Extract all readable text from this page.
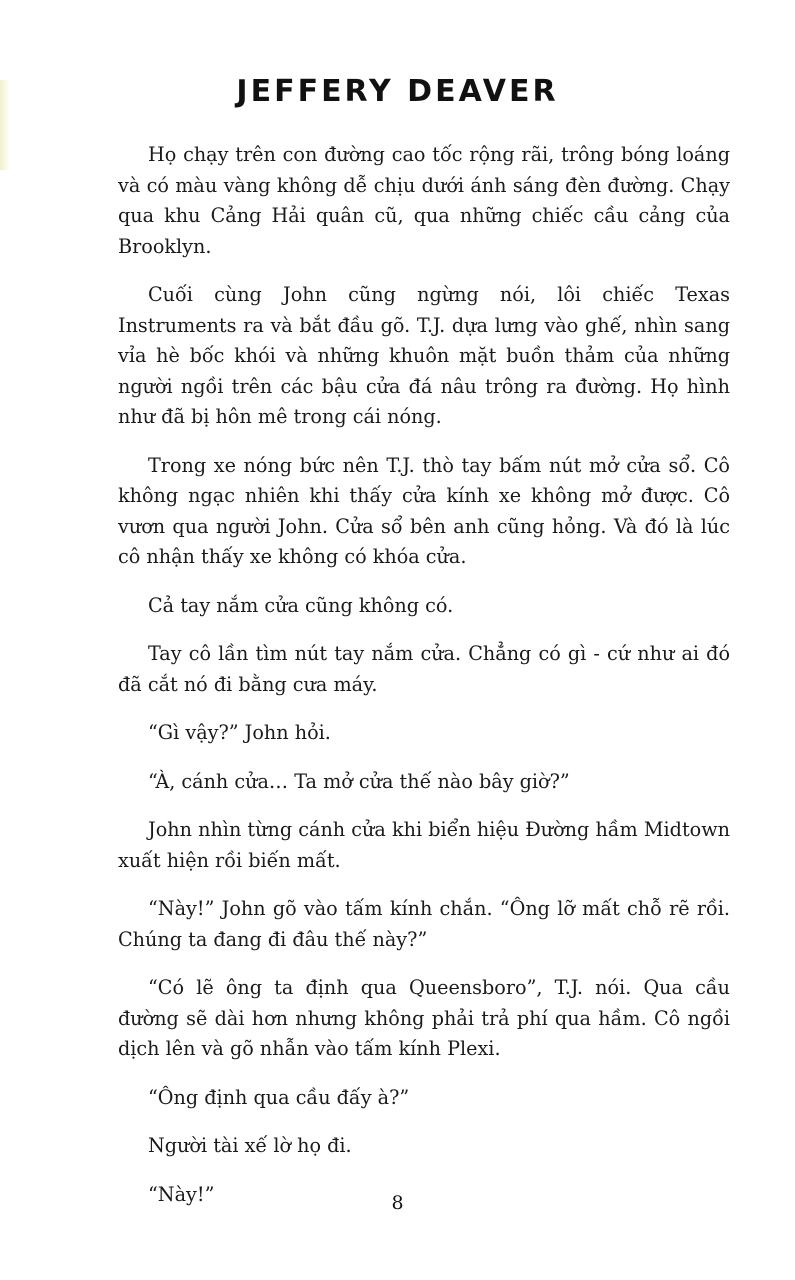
JEFFERY DEAVER

Họ chạy trên con đường cao tốc rộng rãi, trông bóng loáng và có màu vàng không dễ chịu dưới ánh sáng đèn đường. Chạy qua khu Cảng Hải quân cũ, qua những chiếc cầu cảng của Brooklyn.

Cuối cùng John cũng ngừng nói, lôi chiếc Texas Instruments ra và bắt đầu gõ. T.J. dựa lưng vào ghế, nhìn sang vỉa hè bốc khói và những khuôn mặt buồn thảm của những người ngồi trên các bậu cửa đá nâu trông ra đường. Họ hình như đã bị hôn mê trong cái nóng.

Trong xe nóng bức nên T.J. thò tay bấm nút mở cửa sổ. Cô không ngạc nhiên khi thấy cửa kính xe không mở được. Cô vươn qua người John. Cửa sổ bên anh cũng hỏng. Và đó là lúc cô nhận thấy xe không có khóa cửa.

Cả tay nắm cửa cũng không có.

Tay cô lần tìm nút tay nắm cửa. Chẳng có gì - cứ như ai đó đã cắt nó đi bằng cưa máy.

“Gì vậy?” John hỏi.

“À, cánh cửa… Ta mở cửa thế nào bây giờ?”

John nhìn từng cánh cửa khi biển hiệu Đường hầm Midtown xuất hiện rồi biến mất.

“Này!” John gõ vào tấm kính chắn. “Ông lỡ mất chỗ rẽ rồi. Chúng ta đang đi đâu thế này?”

“Có lẽ ông ta định qua Queensboro”, T.J. nói. Qua cầu đường sẽ dài hơn nhưng không phải trả phí qua hầm. Cô ngồi dịch lên và gõ nhẫn vào tấm kính Plexi.

“Ông định qua cầu đấy à?”

Người tài xế lờ họ đi.

“Này!”	8
